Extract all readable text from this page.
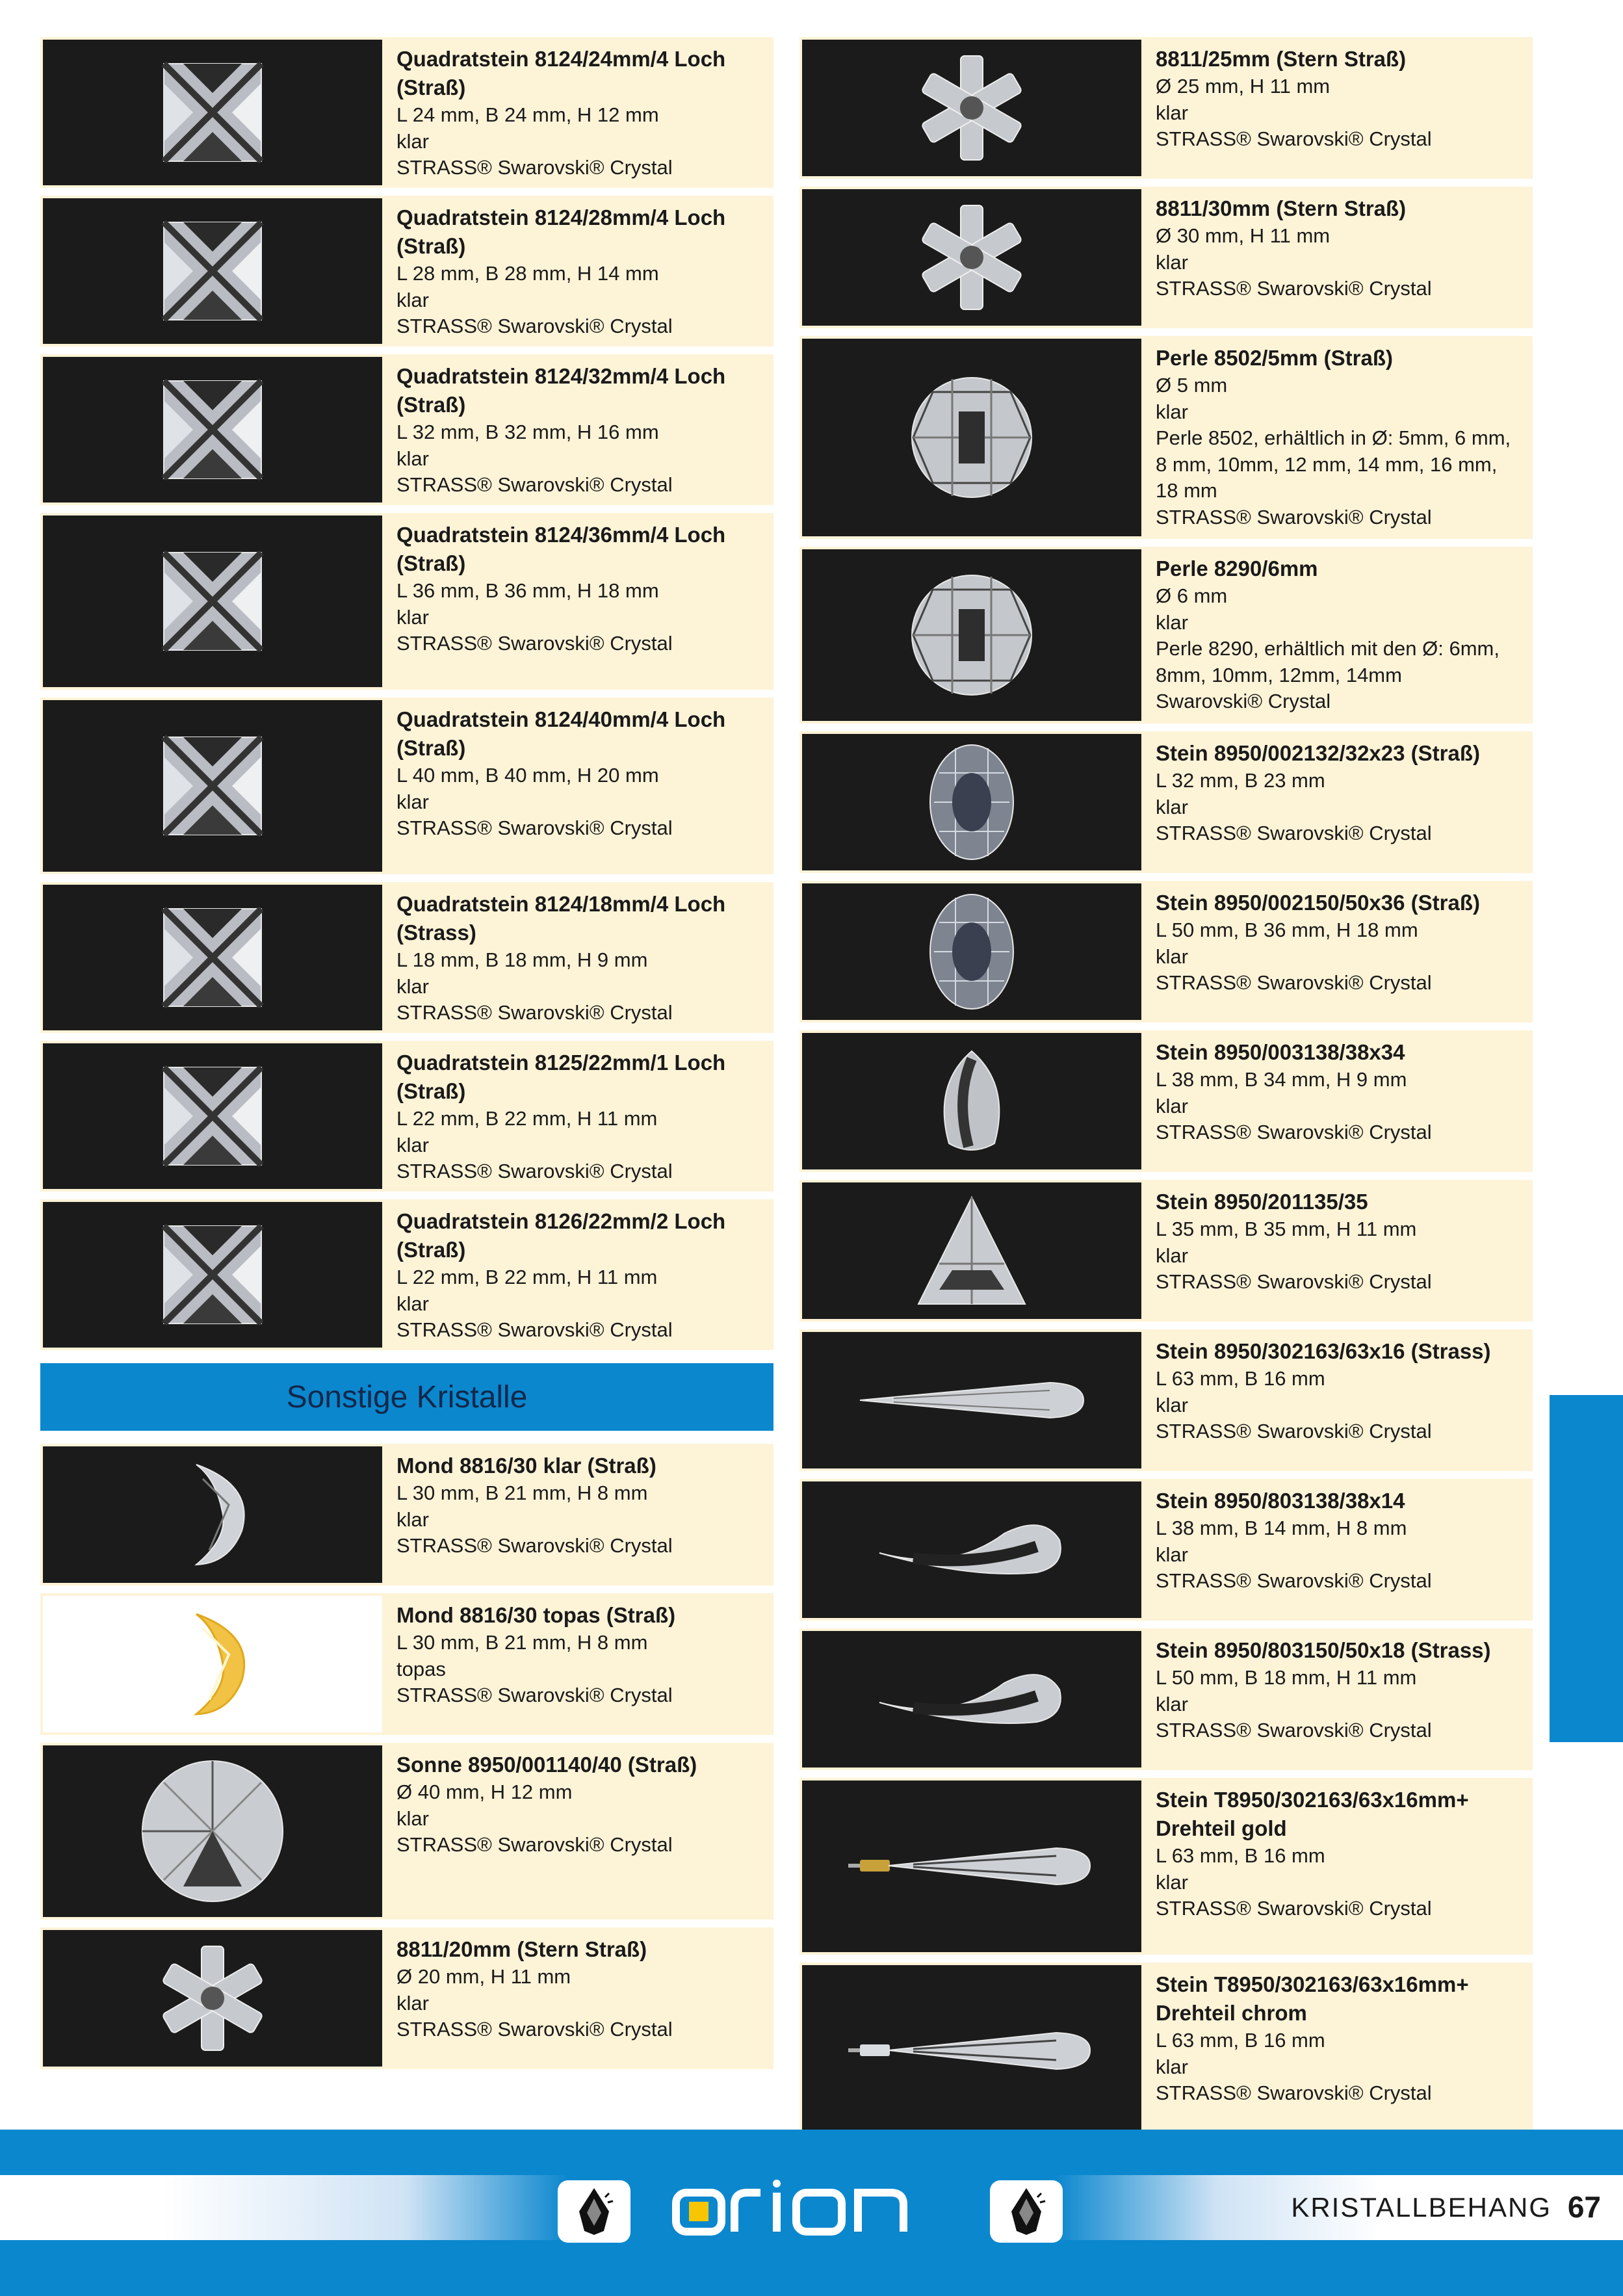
Quadratstein 8124/24mm/4 Loch (Straß)
L 24 mm, B 24 mm, H 12 mm
klar
STRASS® Swarovski® Crystal
Quadratstein 8124/28mm/4 Loch (Straß)
L 28 mm, B 28 mm, H 14 mm
klar
STRASS® Swarovski® Crystal
Quadratstein 8124/32mm/4 Loch (Straß)
L 32 mm, B 32 mm, H 16 mm
klar
STRASS® Swarovski® Crystal
Quadratstein 8124/36mm/4 Loch (Straß)
L 36 mm, B 36 mm, H 18 mm
klar
STRASS® Swarovski® Crystal
Quadratstein 8124/40mm/4 Loch (Straß)
L 40 mm, B 40 mm, H 20 mm
klar
STRASS® Swarovski® Crystal
Quadratstein 8124/18mm/4 Loch (Strass)
L 18 mm, B 18 mm, H 9 mm
klar
STRASS® Swarovski® Crystal
Quadratstein 8125/22mm/1 Loch (Straß)
L 22 mm, B 22 mm, H 11 mm
klar
STRASS® Swarovski® Crystal
Quadratstein 8126/22mm/2 Loch (Straß)
L 22 mm, B 22 mm, H 11 mm
klar
STRASS® Swarovski® Crystal
Sonstige Kristalle
Mond 8816/30 klar (Straß)
L 30 mm, B 21 mm, H 8 mm
klar
STRASS® Swarovski® Crystal
Mond 8816/30 topas (Straß)
L 30 mm, B 21 mm, H 8 mm
topas
STRASS® Swarovski® Crystal
Sonne 8950/001140/40 (Straß)
Ø 40 mm, H 12 mm
klar
STRASS® Swarovski® Crystal
8811/20mm (Stern Straß)
Ø 20 mm, H 11 mm
klar
STRASS® Swarovski® Crystal
8811/25mm (Stern Straß)
Ø 25 mm, H 11 mm
klar
STRASS® Swarovski® Crystal
8811/30mm (Stern Straß)
Ø 30 mm, H 11 mm
klar
STRASS® Swarovski® Crystal
Perle 8502/5mm (Straß)
Ø 5 mm
klar
Perle 8502, erhältlich in Ø: 5mm, 6 mm, 8 mm, 10mm, 12 mm, 14 mm, 16 mm, 18 mm
STRASS® Swarovski® Crystal
Perle 8290/6mm
Ø 6 mm
klar
Perle 8290, erhältlich mit den Ø: 6mm, 8mm, 10mm, 12mm, 14mm
Swarovski® Crystal
Stein 8950/002132/32x23 (Straß)
L 32 mm, B 23 mm
klar
STRASS® Swarovski® Crystal
Stein 8950/002150/50x36 (Straß)
L 50 mm, B 36 mm, H 18 mm
klar
STRASS® Swarovski® Crystal
Stein 8950/003138/38x34
L 38 mm, B 34 mm, H 9 mm
klar
STRASS® Swarovski® Crystal
Stein 8950/201135/35
L 35 mm, B 35 mm, H 11 mm
klar
STRASS® Swarovski® Crystal
Stein 8950/302163/63x16 (Strass)
L 63 mm, B 16 mm
klar
STRASS® Swarovski® Crystal
Stein 8950/803138/38x14
L 38 mm, B 14 mm, H 8 mm
klar
STRASS® Swarovski® Crystal
Stein 8950/803150/50x18 (Strass)
L 50 mm, B 18 mm, H 11 mm
klar
STRASS® Swarovski® Crystal
Stein T8950/302163/63x16mm+ Drehteil gold
L 63 mm, B 16 mm
klar
STRASS® Swarovski® Crystal
Stein T8950/302163/63x16mm+ Drehteil chrom
L 63 mm, B 16 mm
klar
STRASS® Swarovski® Crystal
KRISTALLBEHANG 67
